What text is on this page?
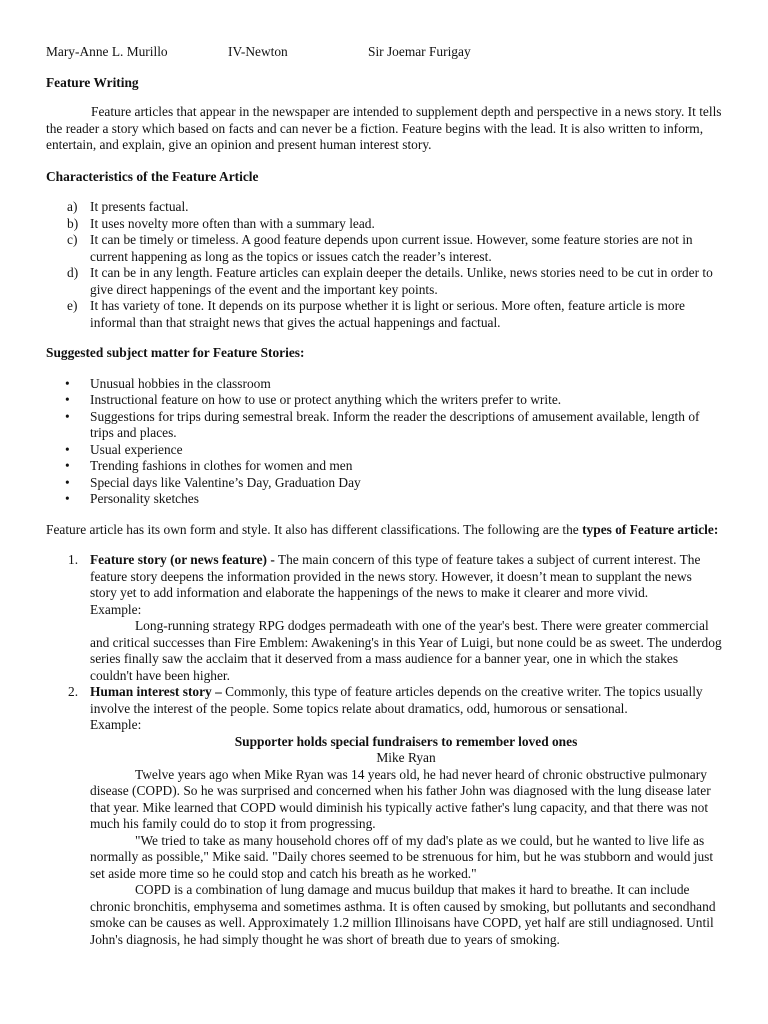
Mary-Anne L. Murillo	IV-Newton	Sir Joemar Furigay

Feature Writing

Feature articles that appear in the newspaper are intended to supplement depth and perspective in a news story. It tells the reader a story which based on facts and can never be a fiction. Feature begins with the lead. It is also written to inform, entertain, and explain, give an opinion and present human interest story.

Characteristics of the Feature Article

a) It presents factual.
b) It uses novelty more often than with a summary lead.
c) It can be timely or timeless. A good feature depends upon current issue. However, some feature stories are not in current happening as long as the topics or issues catch the reader’s interest.
d) It can be in any length. Feature articles can explain deeper the details. Unlike, news stories need to be cut in order to give direct happenings of the event and the important key points.
e) It has variety of tone. It depends on its purpose whether it is light or serious. More often, feature article is more informal than that straight news that gives the actual happenings and factual.

Suggested subject matter for Feature Stories:

• Unusual hobbies in the classroom
• Instructional feature on how to use or protect anything which the writers prefer to write.
• Suggestions for trips during semestral break. Inform the reader the descriptions of amusement available, length of trips and places.
• Usual experience
• Trending fashions in clothes for women and men
• Special days like Valentine’s Day, Graduation Day
• Personality sketches

Feature article has its own form and style. It also has different classifications. The following are the types of Feature article:

1. Feature story (or news feature) - The main concern of this type of feature takes a subject of current interest. The feature story deepens the information provided in the news story. However, it doesn’t mean to supplant the news story yet to add information and elaborate the happenings of the news to make it clearer and more vivid.

Example:

Long-running strategy RPG dodges permadeath with one of the year's best. There were greater commercial and critical successes than Fire Emblem: Awakening's in this Year of Luigi, but none could be as sweet. The underdog series finally saw the acclaim that it deserved from a mass audience for a banner year, one in which the stakes couldn't have been higher.

2. Human interest story – Commonly, this type of feature articles depends on the creative writer. The topics usually involve the interest of the people. Some topics relate about dramatics, odd, humorous or sensational.

Example:

Supporter holds special fundraisers to remember loved ones

Mike Ryan

Twelve years ago when Mike Ryan was 14 years old, he had never heard of chronic obstructive pulmonary disease (COPD). So he was surprised and concerned when his father John was diagnosed with the lung disease later that year. Mike learned that COPD would diminish his typically active father's lung capacity, and that there was not much his family could do to stop it from progressing.

"We tried to take as many household chores off of my dad's plate as we could, but he wanted to live life as normally as possible," Mike said. "Daily chores seemed to be strenuous for him, but he was stubborn and would just set aside more time so he could stop and catch his breath as he worked."

COPD is a combination of lung damage and mucus buildup that makes it hard to breathe. It can include chronic bronchitis, emphysema and sometimes asthma. It is often caused by smoking, but pollutants and secondhand smoke can be causes as well. Approximately 1.2 million Illinoisans have COPD, yet half are still undiagnosed. Until John's diagnosis, he had simply thought he was short of breath due to years of smoking.
